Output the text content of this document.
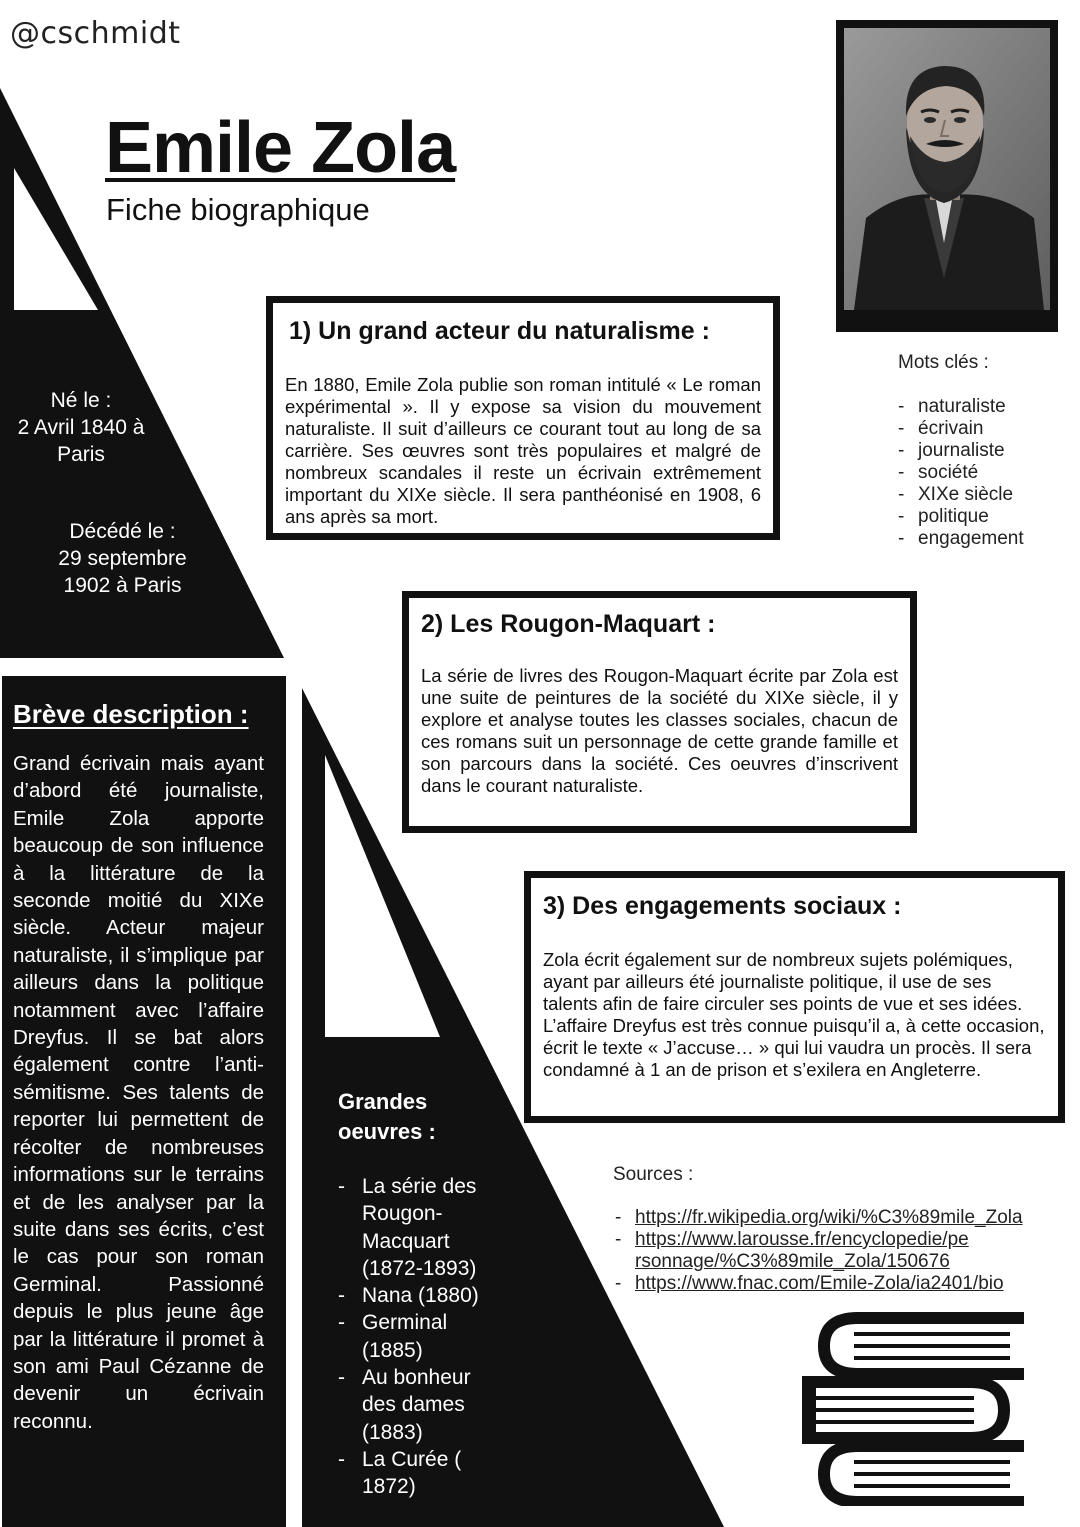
@cschmidt
Emile Zola
Fiche biographique
Né le :
2 Avril 1840 à
Paris
Décédé le :
29 septembre
1902 à Paris
Mots clés :
- naturaliste
- écrivain
- journaliste
- société
- XIXe siècle
- politique
- engagement
1) Un grand acteur du naturalisme :

En 1880, Emile Zola publie son roman intitulé « Le roman expérimental ». Il y expose sa vision du mouvement naturaliste. Il suit d’ailleurs ce courant tout au long de sa carrière. Ses œuvres sont très populaires et malgré de nombreux scandales il reste un écrivain extrêmement important du XIXe siècle. Il sera panthéonisé en 1908, 6 ans après sa mort.

2) Les Rougon-Maquart :

La série de livres des Rougon-Maquart écrite par Zola est une suite de peintures de la société du XIXe siècle, il y explore et analyse toutes les classes sociales, chacun de ces romans suit un personnage de cette grande famille et son parcours dans la société. Ces oeuvres d’inscrivent dans le courant naturaliste.

3) Des engagements sociaux :

Zola écrit également sur de nombreux sujets polémiques, ayant par ailleurs été journaliste politique, il use de ses talents afin de faire circuler ses points de vue et ses idées. L’affaire Dreyfus est très connue puisqu’il a, à cette occasion, écrit le texte « J’accuse… » qui lui vaudra un procès. Il sera condamné à 1 an de prison et s’exilera en Angleterre.

Brève description :
Grand écrivain mais ayant d’abord été journaliste, Emile Zola apporte beaucoup de son influence à la littérature de la seconde moitié du XIXe siècle. Acteur majeur naturaliste, il s’implique par ailleurs dans la politique notamment avec l’affaire Dreyfus. Il se bat alors également contre l’anti-sémitisme. Ses talents de reporter lui permettent de récolter de nombreuses informations sur le terrains et de les analyser par la suite dans ses écrits, c’est le cas pour son roman Germinal. Passionné depuis le plus jeune âge par la littérature il promet à son ami Paul Cézanne de devenir un écrivain reconnu.
Grandes oeuvres :
- La série des Rougon-Macquart (1872-1893)
- Nana (1880)
- Germinal (1885)
- Au bonheur des dames (1883)
- La Curée ( 1872)
Sources :
- https://fr.wikipedia.org/wiki/%C3%89mile_Zola
- https://www.larousse.fr/encyclopedie/personnage/%C3%89mile_Zola/150676
- https://www.fnac.com/Emile-Zola/ia2401/bio
